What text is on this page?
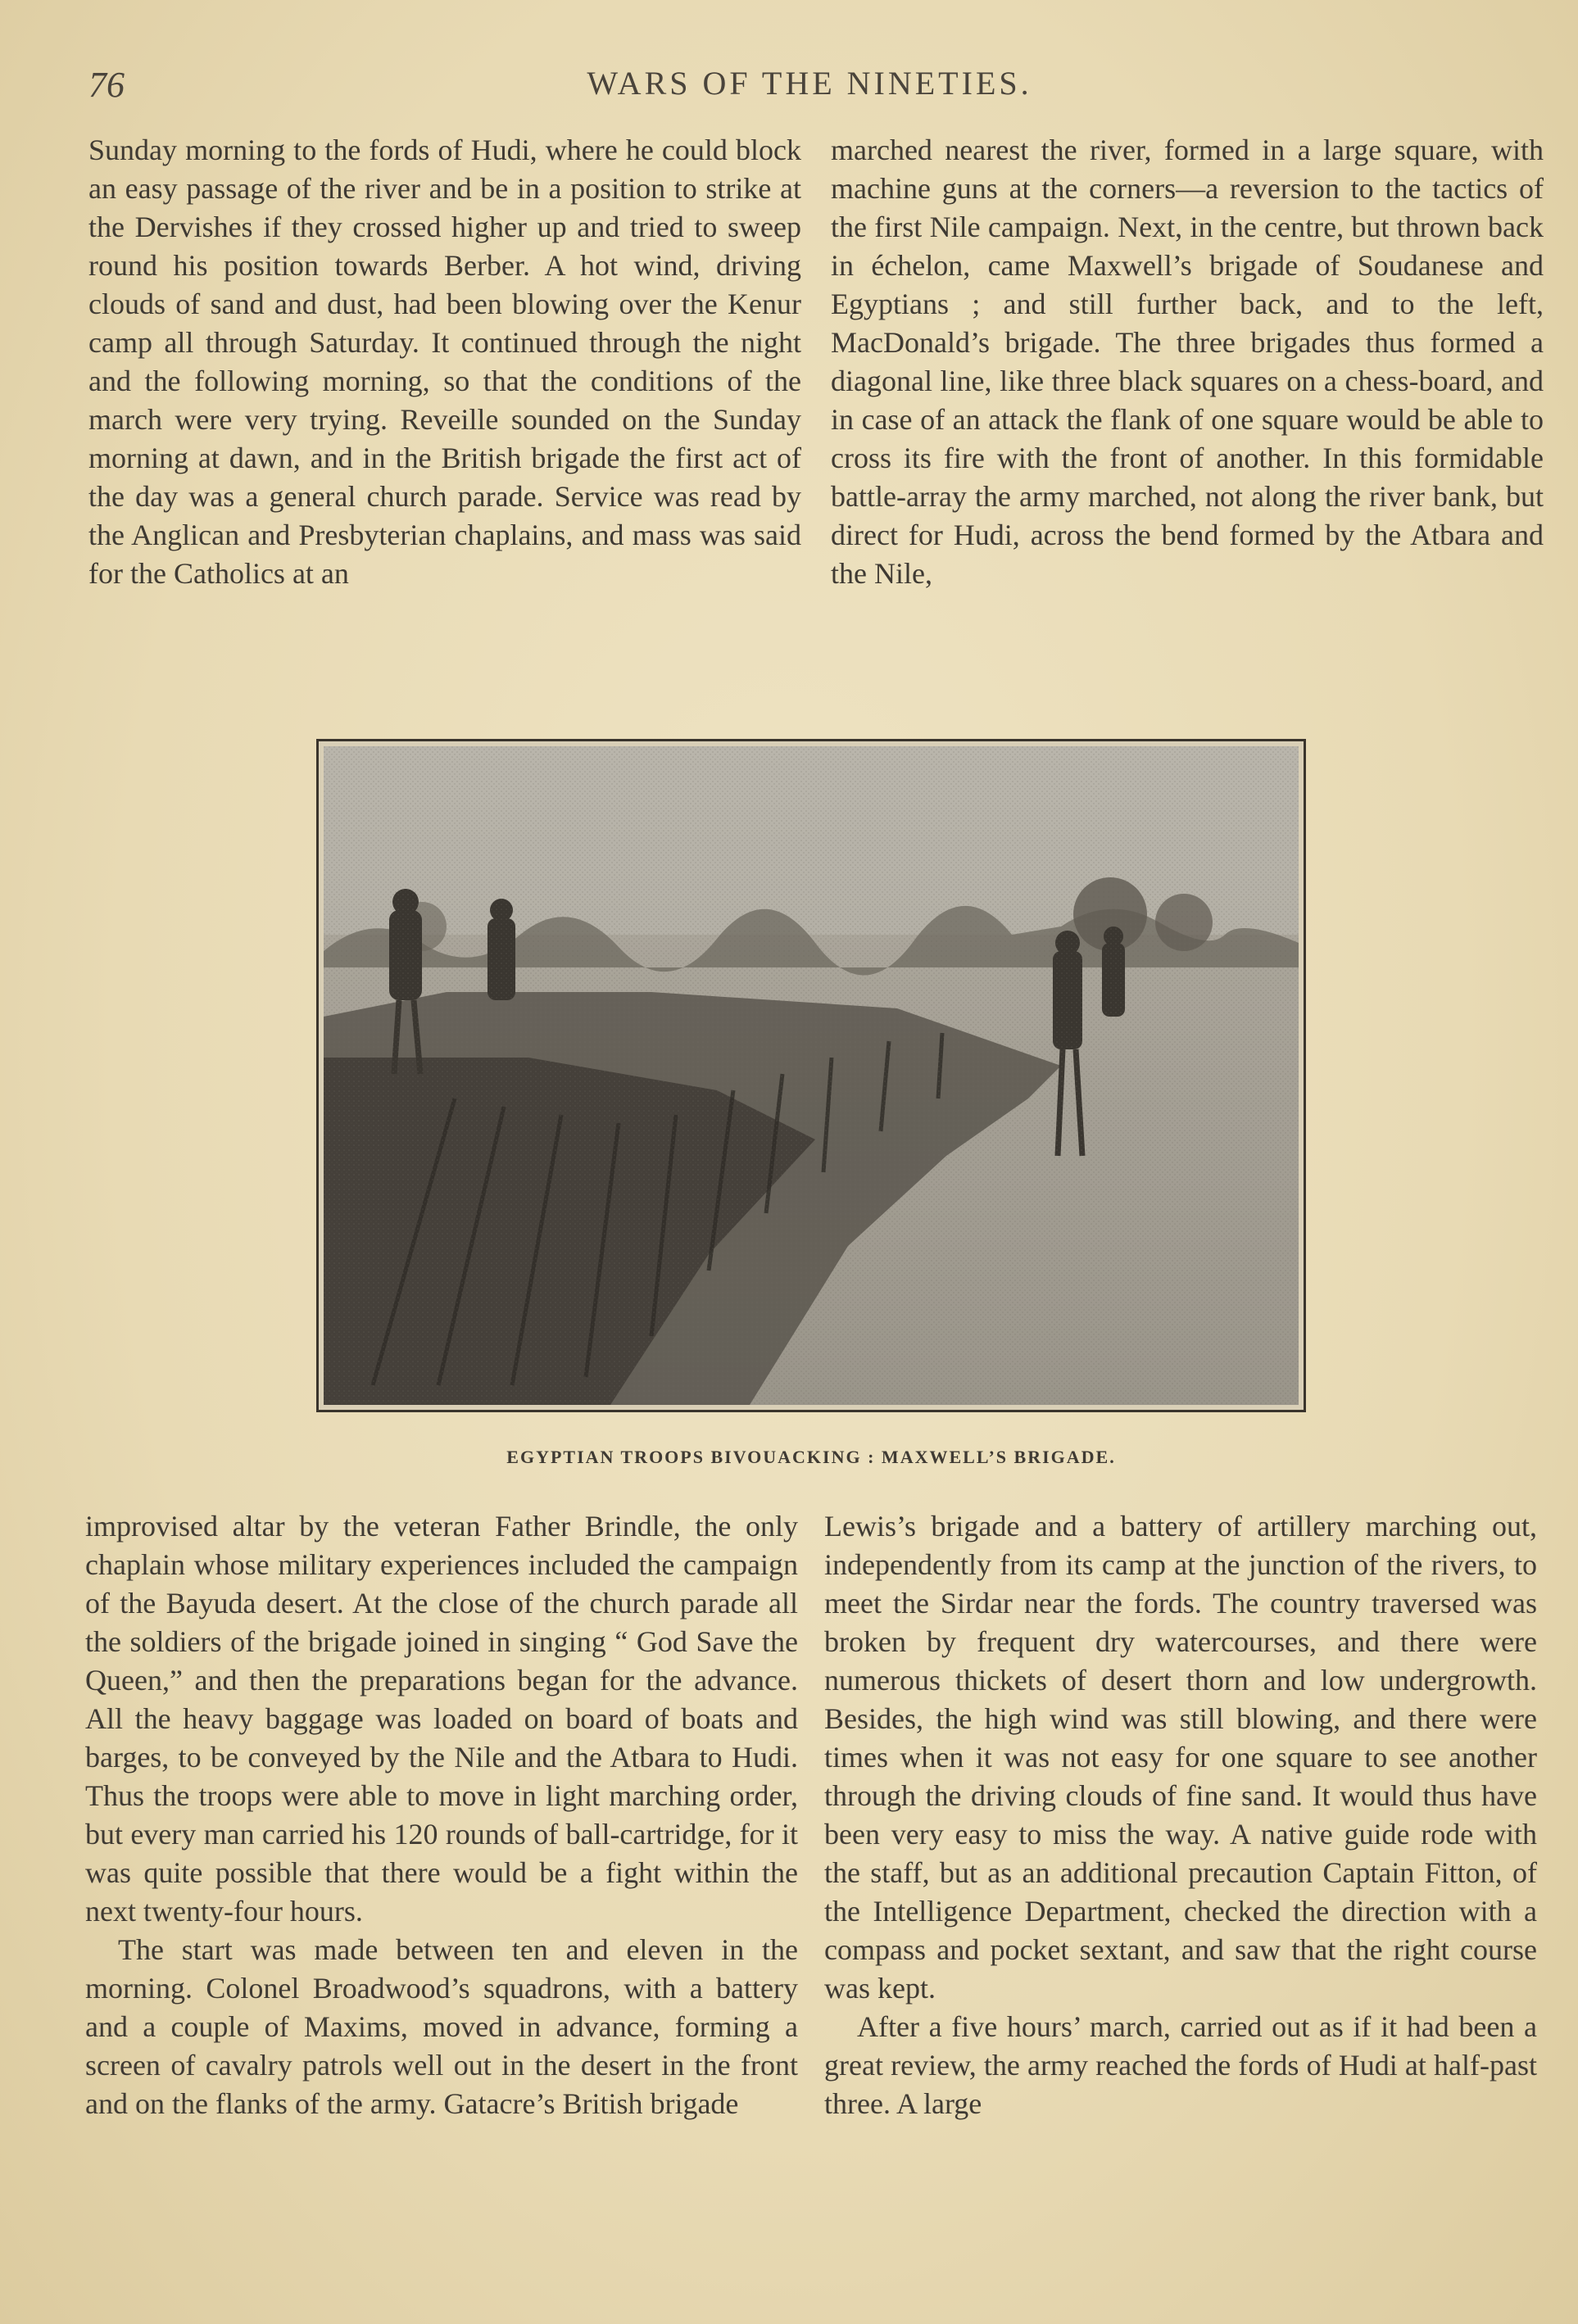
76	WARS OF THE NINETIES.

Sunday morning to the fords of Hudi, where he could block an easy passage of the river and be in a position to strike at the Dervishes if they crossed higher up and tried to sweep round his position towards Berber. A hot wind, driving clouds of sand and dust, had been blowing over the Kenur camp all through Saturday. It continued through the night and the following morning, so that the conditions of the march were very trying. Reveille sounded on the Sunday morning at dawn, and in the British brigade the first act of the day was a general church parade. Service was read by the Anglican and Presbyterian chaplains, and mass was said for the Catholics at an

marched nearest the river, formed in a large square, with machine guns at the corners—a reversion to the tactics of the first Nile campaign. Next, in the centre, but thrown back in échelon, came Maxwell’s brigade of Soudanese and Egyptians ; and still further back, and to the left, MacDonald’s brigade. The three brigades thus formed a diagonal line, like three black squares on a chess-board, and in case of an attack the flank of one square would be able to cross its fire with the front of another. In this formidable battle-array the army marched, not along the river bank, but direct for Hudi, across the bend formed by the Atbara and the Nile,

EGYPTIAN TROOPS BIVOUACKING : MAXWELL’S BRIGADE.

improvised altar by the veteran Father Brindle, the only chaplain whose military experiences included the campaign of the Bayuda desert. At the close of the church parade all the soldiers of the brigade joined in singing “ God Save the Queen,” and then the preparations began for the advance. All the heavy baggage was loaded on board of boats and barges, to be conveyed by the Nile and the Atbara to Hudi. Thus the troops were able to move in light marching order, but every man carried his 120 rounds of ball-cartridge, for it was quite possible that there would be a fight within the next twenty-four hours.

The start was made between ten and eleven in the morning. Colonel Broadwood’s squadrons, with a battery and a couple of Maxims, moved in advance, forming a screen of cavalry patrols well out in the desert in the front and on the flanks of the army. Gatacre’s British brigade

Lewis’s brigade and a battery of artillery marching out, independently from its camp at the junction of the rivers, to meet the Sirdar near the fords. The country traversed was broken by frequent dry watercourses, and there were numerous thickets of desert thorn and low undergrowth. Besides, the high wind was still blowing, and there were times when it was not easy for one square to see another through the driving clouds of fine sand. It would thus have been very easy to miss the way. A native guide rode with the staff, but as an additional precaution Captain Fitton, of the Intelligence Department, checked the direction with a compass and pocket sextant, and saw that the right course was kept.

After a five hours’ march, carried out as if it had been a great review, the army reached the fords of Hudi at half-past three. A large
